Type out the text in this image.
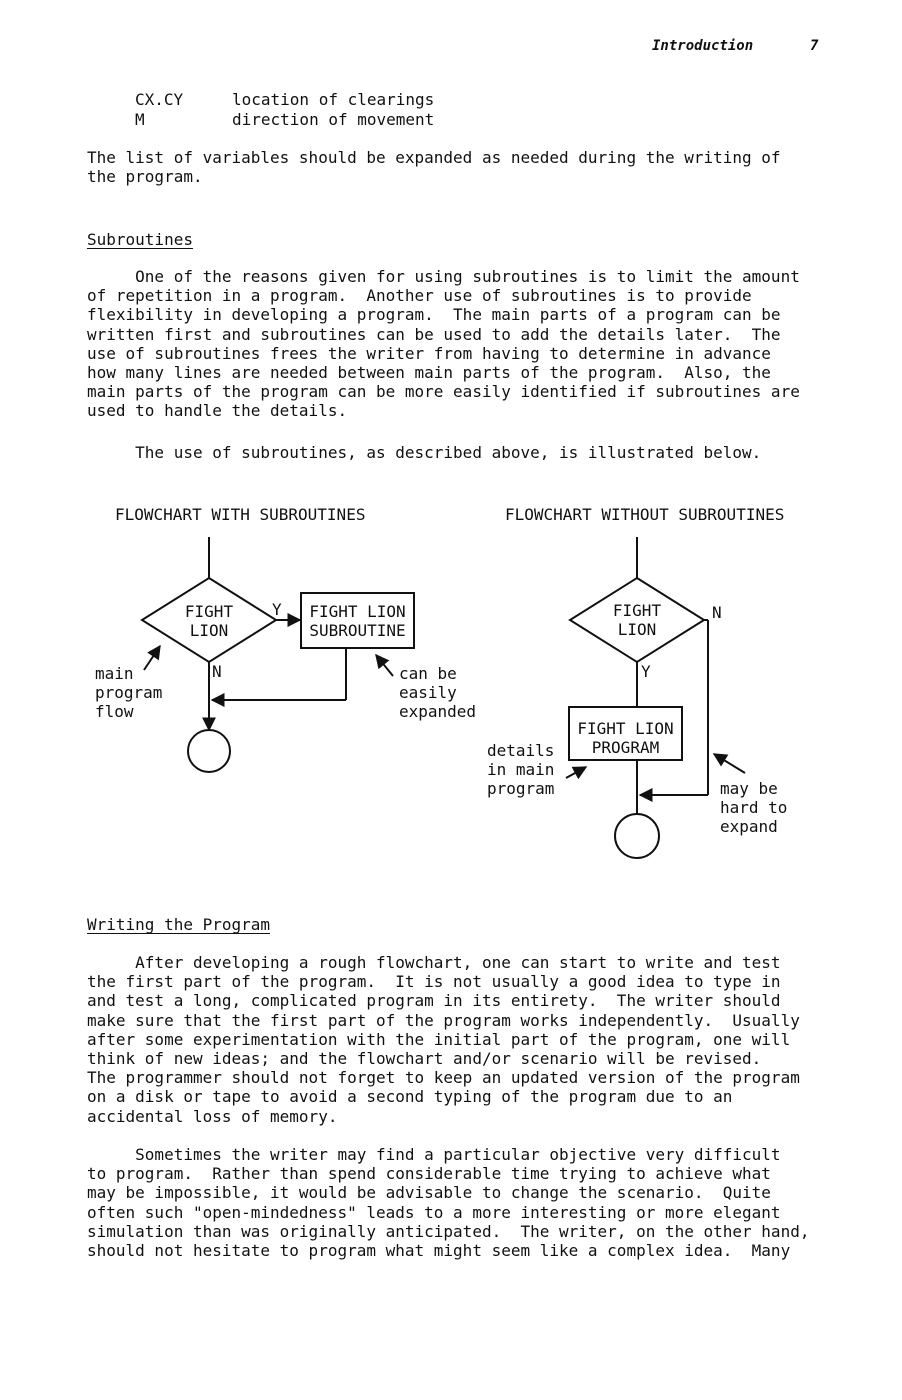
Introduction	7
CX.CY	location of clearings
M	direction of movement
The list of variables should be expanded as needed during the writing of
the program.
Subroutines
One of the reasons given for using subroutines is to limit the amount
of repetition in a program.  Another use of subroutines is to provide
flexibility in developing a program.  The main parts of a program can be
written first and subroutines can be used to add the details later.  The
use of subroutines frees the writer from having to determine in advance
how many lines are needed between main parts of the program.  Also, the
main parts of the program can be more easily identified if subroutines are
used to handle the details.
The use of subroutines, as described above, is illustrated below.
FLOWCHART WITH SUBROUTINES	FLOWCHART WITHOUT SUBROUTINES
FIGHT
LION
Y
N
FIGHT LION
SUBROUTINE
main
program
flow
can be
easily
expanded
FIGHT
LION
N
Y
FIGHT LION
PROGRAM
details
in main
program	may be
hard to
expand
Writing the Program
After developing a rough flowchart, one can start to write and test
the first part of the program.  It is not usually a good idea to type in
and test a long, complicated program in its entirety.  The writer should
make sure that the first part of the program works independently.  Usually
after some experimentation with the initial part of the program, one will
think of new ideas; and the flowchart and/or scenario will be revised.
The programmer should not forget to keep an updated version of the program
on a disk or tape to avoid a second typing of the program due to an
accidental loss of memory.
Sometimes the writer may find a particular objective very difficult
to program.  Rather than spend considerable time trying to achieve what
may be impossible, it would be advisable to change the scenario.  Quite
often such "open-mindedness" leads to a more interesting or more elegant
simulation than was originally anticipated.  The writer, on the other hand,
should not hesitate to program what might seem like a complex idea.  Many
